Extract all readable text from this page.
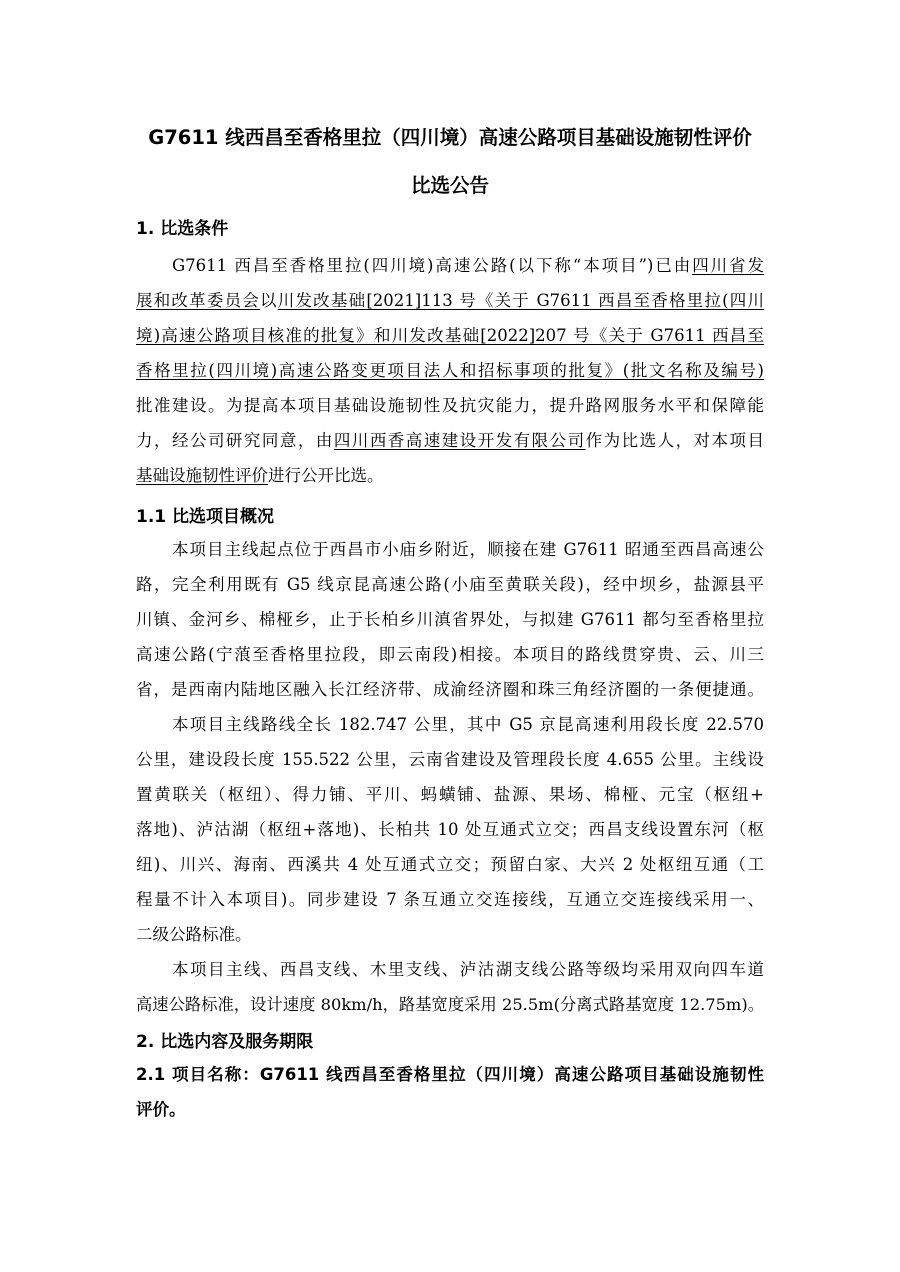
G7611 线西昌至香格里拉（四川境）高速公路项目基础设施韧性评价
比选公告
1. 比选条件
G7611 西昌至香格里拉(四川境)高速公路(以下称“本项目”)已由四川省发
展和改革委员会以川发改基础[2021]113 号《关于 G7611 西昌至香格里拉(四川
境)高速公路项目核准的批复》和川发改基础[2022]207 号《关于 G7611 西昌至
香格里拉(四川境)高速公路变更项目法人和招标事项的批复》(批文名称及编号)
批准建设。为提高本项目基础设施韧性及抗灾能力，提升路网服务水平和保障能
力，经公司研究同意，由四川西香高速建设开发有限公司作为比选人，对本项目
基础设施韧性评价进行公开比选。
1.1 比选项目概况
本项目主线起点位于西昌市小庙乡附近，顺接在建 G7611 昭通至西昌高速公
路，完全利用既有 G5 线京昆高速公路(小庙至黄联关段)，经中坝乡，盐源县平
川镇、金河乡、棉桠乡，止于长柏乡川滇省界处，与拟建 G7611 都匀至香格里拉
高速公路(宁蒗至香格里拉段，即云南段)相接。本项目的路线贯穿贵、云、川三
省，是西南内陆地区融入长江经济带、成渝经济圈和珠三角经济圈的一条便捷通。
本项目主线路线全长 182.747 公里，其中 G5 京昆高速利用段长度 22.570
公里，建设段长度 155.522 公里，云南省建设及管理段长度 4.655 公里。主线设
置黄联关（枢纽）、得力铺、平川、蚂蟥铺、盐源、果场、棉桠、元宝（枢纽+
落地)、泸沽湖（枢纽+落地)、长柏共 10 处互通式立交；西昌支线设置东河（枢
纽)、川兴、海南、西溪共 4 处互通式立交；预留白家、大兴 2 处枢纽互通（工
程量不计入本项目)。同步建设 7 条互通立交连接线，互通立交连接线采用一、
二级公路标准。
本项目主线、西昌支线、木里支线、泸沽湖支线公路等级均采用双向四车道
高速公路标准，设计速度 80km/h，路基宽度采用 25.5m(分离式路基宽度 12.75m)。
2. 比选内容及服务期限
2.1 项目名称：G7611 线西昌至香格里拉（四川境）高速公路项目基础设施韧性
评价。
